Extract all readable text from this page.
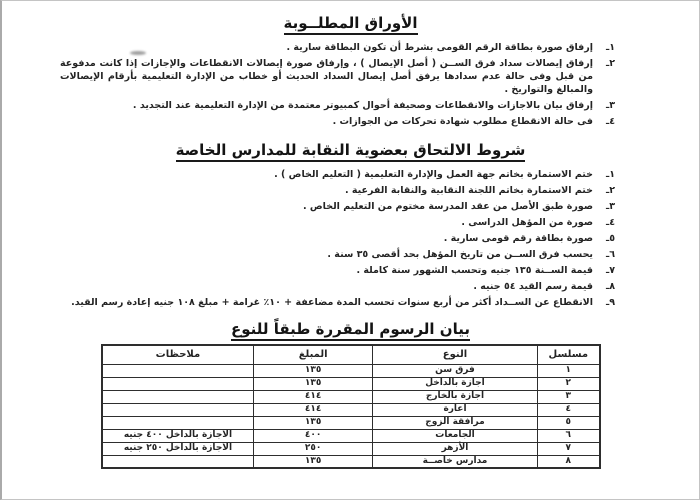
الأوراق المطلــوبة
١ـ
إرفاق صورة بطاقة الرقم القومى بشرط أن تكون البطاقة سارية .
٢ـ
إرفاق إيصالات سداد فرق الســن ( أصل الإيصال ) ، وإرفاق صورة إيصالات الانقطاعات والإجازات إذا كانت مدفوعة من قبل وفى حالة عدم سدادها يرفق أصل إيصال السداد الحديث أو خطاب من الإدارة التعليمية بأرقام الإيصالات والمبالغ والتواريخ .
٣ـ
إرفاق بيان بالاجازات والانقطاعات وصحيفة أحوال كمبيوتر معتمدة من الإدارة التعليمية عند التجديد .
٤ـ
فى حالة الانقطاع مطلوب شهادة تحركات من الجوازات .
شروط الالتحاق بعضوية النقابة للمدارس الخاصة
١ـ
ختم الاستمارة بخاتم جهة العمل والإدارة التعليمية ( التعليم الخاص ) .
٢ـ
ختم الاستمارة بخاتم اللجنة النقابية والنقابة الفرعية .
٣ـ
صورة طبق الأصل من عقد المدرسة مختوم من التعليم الخاص .
٤ـ
صورة من المؤهل الدراسى .
٥ـ
صورة بطاقة رقم قومى سارية .
٦ـ
يحسب فرق الســن من تاريخ المؤهل بحد أقصى ٣٥ سنة .
٧ـ
قيمة الســنة ١٣٥ جنيه وتحسب الشهور سنة كاملة .
٨ـ
قيمة رسم القيد ٥٤ جنيه .
٩ـ
الانقطاع عن الســداد أكثر من أربع سنوات تحسب المدة مضاعفة + ١٠٪ غرامة + مبلغ ١٠٨ جنيه إعادة رسم القيد.
بيان الرسوم المقررة طبقاً للنوع
مسلسل	النوع	المبلغ	ملاحظات
١	فرق سن	١٣٥	
٢	اجازة بالداخل	١٣٥	
٣	اجازة بالخارج	٤١٤	
٤	اعارة	٤١٤	
٥	مرافقة الزوج	١٣٥	
٦	الجامعات	٤٠٠	الاجازة بالداخل ٤٠٠ جنيه
٧	الأزهر	٢٥٠	الاجازة بالداخل ٢٥٠ جنيه
٨	مدارس خاصــة	١٣٥	
